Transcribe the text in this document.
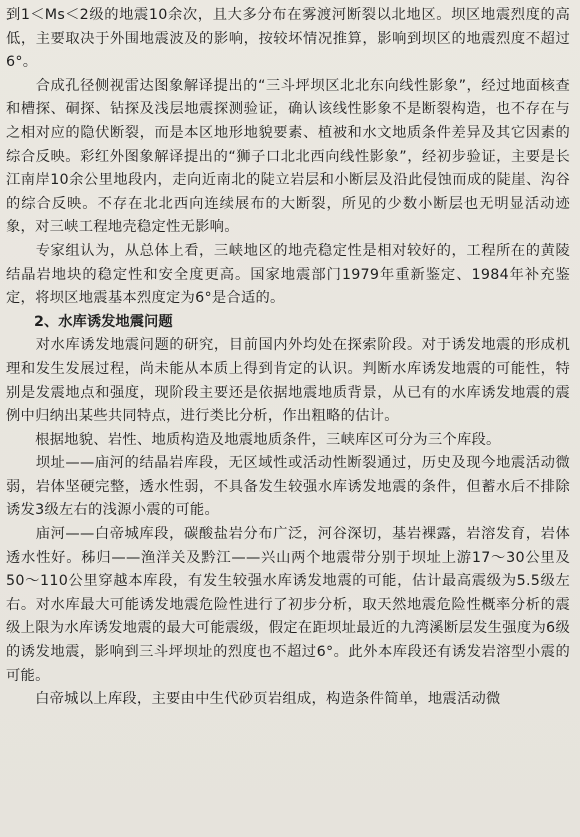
到1＜Ms＜2级的地震10余次，且大多分布在雾渡河断裂以北地区。坝区地震烈度的高低，主要取决于外围地震波及的影响，按较坏情况推算，影响到坝区的地震烈度不超过6°。

　　合成孔径侧视雷达图象解译提出的“三斗坪坝区北北东向线性影象”，经过地面核查和槽探、硐探、钻探及浅层地震探测验证，确认该线性影象不是断裂构造，也不存在与之相对应的隐伏断裂，而是本区地形地貌要素、植被和水文地质条件差异及其它因素的综合反映。彩红外图象解译提出的“狮子口北北西向线性影象”，经初步验证，主要是长江南岸10余公里地段内，走向近南北的陡立岩层和小断层及沿此侵蚀而成的陡崖、沟谷的综合反映。不存在北北西向连续展布的大断裂，所见的少数小断层也无明显活动迹象，对三峡工程地壳稳定性无影响。

　　专家组认为，从总体上看，三峡地区的地壳稳定性是相对较好的，工程所在的黄陵结晶岩地块的稳定性和安全度更高。国家地震部门1979年重新鉴定、1984年补充鉴定，将坝区地震基本烈度定为6°是合适的。

2、水库诱发地震问题

　　对水库诱发地震问题的研究，目前国内外均处在探索阶段。对于诱发地震的形成机理和发生发展过程，尚未能从本质上得到肯定的认识。判断水库诱发地震的可能性，特别是发震地点和强度，现阶段主要还是依据地震地质背景，从已有的水库诱发地震的震例中归纳出某些共同特点，进行类比分析，作出粗略的估计。

　　根据地貌、岩性、地质构造及地震地质条件，三峡库区可分为三个库段。

　　坝址——庙河的结晶岩库段，无区域性或活动性断裂通过，历史及现今地震活动微弱，岩体坚硬完整，透水性弱，不具备发生较强水库诱发地震的条件，但蓄水后不排除诱发3级左右的浅源小震的可能。

　　庙河——白帝城库段，碳酸盐岩分布广泛，河谷深切，基岩裸露，岩溶发育，岩体透水性好。秭归——渔洋关及黔江——兴山两个地震带分别于坝址上游17～30公里及50～110公里穿越本库段，有发生较强水库诱发地震的可能，估计最高震级为5.5级左右。对水库最大可能诱发地震危险性进行了初步分析，取天然地震危险性概率分析的震级上限为水库诱发地震的最大可能震级，假定在距坝址最近的九湾溪断层发生强度为6级的诱发地震，影响到三斗坪坝址的烈度也不超过6°。此外本库段还有诱发岩溶型小震的可能。

　　白帝城以上库段，主要由中生代砂页岩组成，构造条件简单，地震活动微
